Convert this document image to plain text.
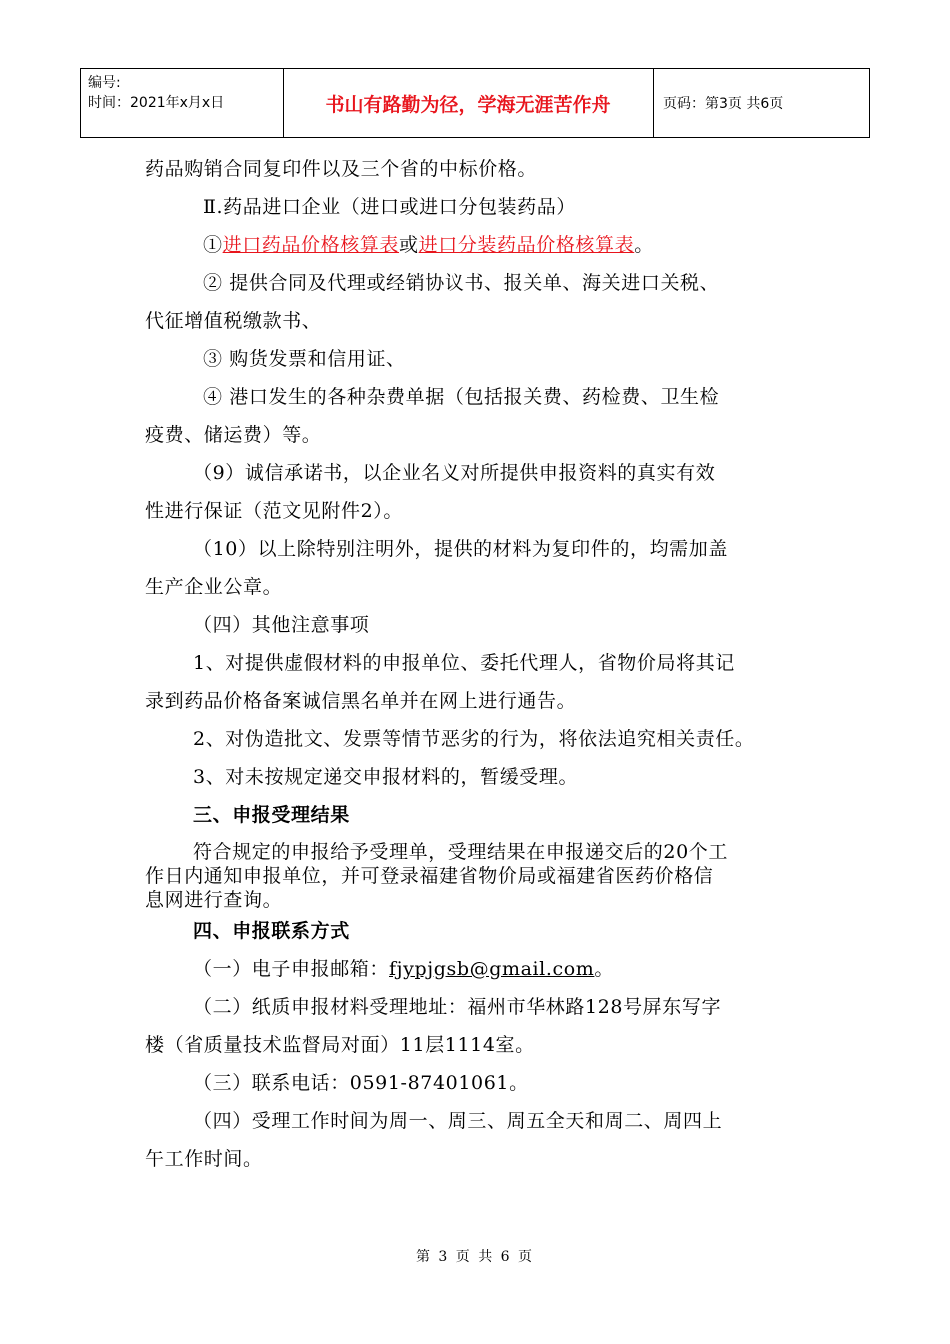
编号:
时间：2021年x月x日	书山有路勤为径，学海无涯苦作舟	页码：第3页 共6页

药品购销合同复印件以及三个省的中标价格。

Ⅱ.药品进口企业（进口或进口分包装药品）

①进口药品价格核算表或进口分装药品价格核算表。

② 提供合同及代理或经销协议书、报关单、海关进口关税、

代征增值税缴款书、

③ 购货发票和信用证、

④ 港口发生的各种杂费单据（包括报关费、药检费、卫生检

疫费、储运费）等。

（9）诚信承诺书，以企业名义对所提供申报资料的真实有效

性进行保证（范文见附件2）。

（10）以上除特别注明外，提供的材料为复印件的，均需加盖

生产企业公章。

（四）其他注意事项

1、对提供虚假材料的申报单位、委托代理人，省物价局将其记

录到药品价格备案诚信黑名单并在网上进行通告。

2、对伪造批文、发票等情节恶劣的行为，将依法追究相关责任。

3、对未按规定递交申报材料的，暂缓受理。

三、申报受理结果

符合规定的申报给予受理单，受理结果在申报递交后的20个工

作日内通知申报单位，并可登录福建省物价局或福建省医药价格信

息网进行查询。

四、申报联系方式

（一）电子申报邮箱：fjypjgsb@gmail.com。

（二）纸质申报材料受理地址：福州市华林路128号屏东写字

楼（省质量技术监督局对面）11层1114室。

（三）联系电话：0591-87401061。

（四）受理工作时间为周一、周三、周五全天和周二、周四上

午工作时间。

第 3 页 共 6 页
